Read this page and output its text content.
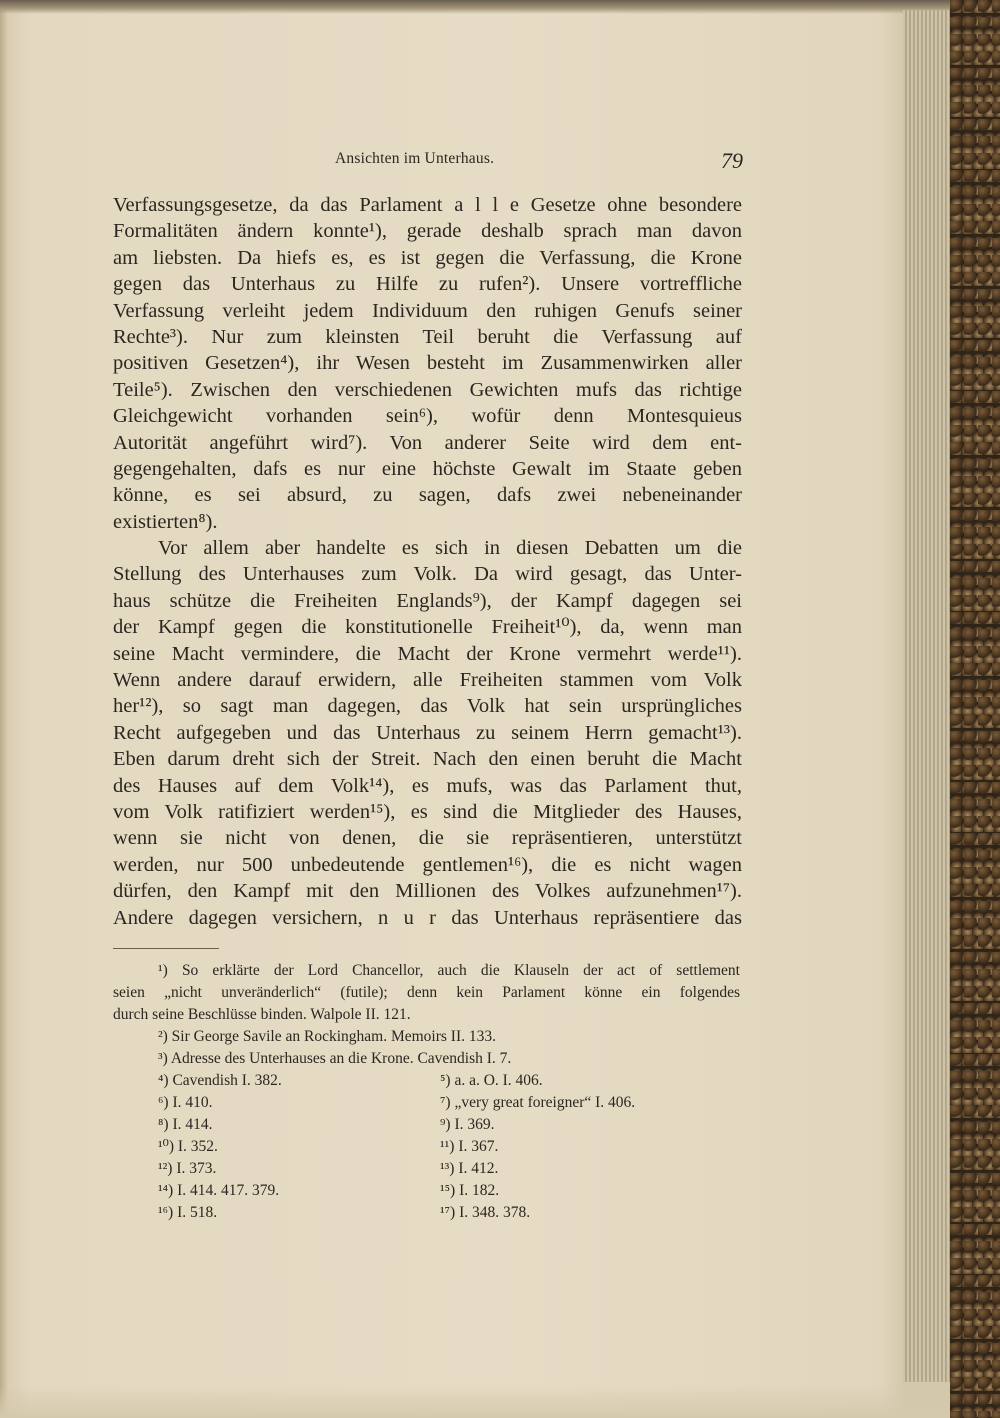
Ansichten im Unterhaus.	79
Verfassungsgesetze, da das Parlament a l l e Gesetze ohne besondere
Formalitäten ändern konnte¹), gerade deshalb sprach man davon
am liebsten. Da hiefs es, es ist gegen die Verfassung, die Krone
gegen das Unterhaus zu Hilfe zu rufen²). Unsere vortreffliche
Verfassung verleiht jedem Individuum den ruhigen Genufs seiner
Rechte³). Nur zum kleinsten Teil beruht die Verfassung auf
positiven Gesetzen⁴), ihr Wesen besteht im Zusammenwirken aller
Teile⁵). Zwischen den verschiedenen Gewichten mufs das richtige
Gleichgewicht vorhanden sein⁶), wofür denn Montesquieus
Autorität angeführt wird⁷). Von anderer Seite wird dem ent-
gegengehalten, dafs es nur eine höchste Gewalt im Staate geben
könne, es sei absurd, zu sagen, dafs zwei nebeneinander
existierten⁸).
Vor allem aber handelte es sich in diesen Debatten um die
Stellung des Unterhauses zum Volk. Da wird gesagt, das Unter-
haus schütze die Freiheiten Englands⁹), der Kampf dagegen sei
der Kampf gegen die konstitutionelle Freiheit¹⁰), da, wenn man
seine Macht vermindere, die Macht der Krone vermehrt werde¹¹).
Wenn andere darauf erwidern, alle Freiheiten stammen vom Volk
her¹²), so sagt man dagegen, das Volk hat sein ursprüngliches
Recht aufgegeben und das Unterhaus zu seinem Herrn gemacht¹³).
Eben darum dreht sich der Streit. Nach den einen beruht die Macht
des Hauses auf dem Volk¹⁴), es mufs, was das Parlament thut,
vom Volk ratifiziert werden¹⁵), es sind die Mitglieder des Hauses,
wenn sie nicht von denen, die sie repräsentieren, unterstützt
werden, nur 500 unbedeutende gentlemen¹⁶), die es nicht wagen
dürfen, den Kampf mit den Millionen des Volkes aufzunehmen¹⁷).
Andere dagegen versichern, n u r das Unterhaus repräsentiere das
¹) So erklärte der Lord Chancellor, auch die Klauseln der act of settlement
seien „nicht unveränderlich“ (futile); denn kein Parlament könne ein folgendes
durch seine Beschlüsse binden. Walpole II. 121.
²) Sir George Savile an Rockingham. Memoirs II. 133.
³) Adresse des Unterhauses an die Krone. Cavendish I. 7.
⁴) Cavendish I. 382.
⁶) I. 410.
⁸) I. 414.
¹⁰) I. 352.
¹²) I. 373.
¹⁴) I. 414. 417. 379.
¹⁶) I. 518.
⁵) a. a. O. I. 406.
⁷) „very great foreigner“ I. 406.
⁹) I. 369.
¹¹) I. 367.
¹³) I. 412.
¹⁵) I. 182.
¹⁷) I. 348. 378.
